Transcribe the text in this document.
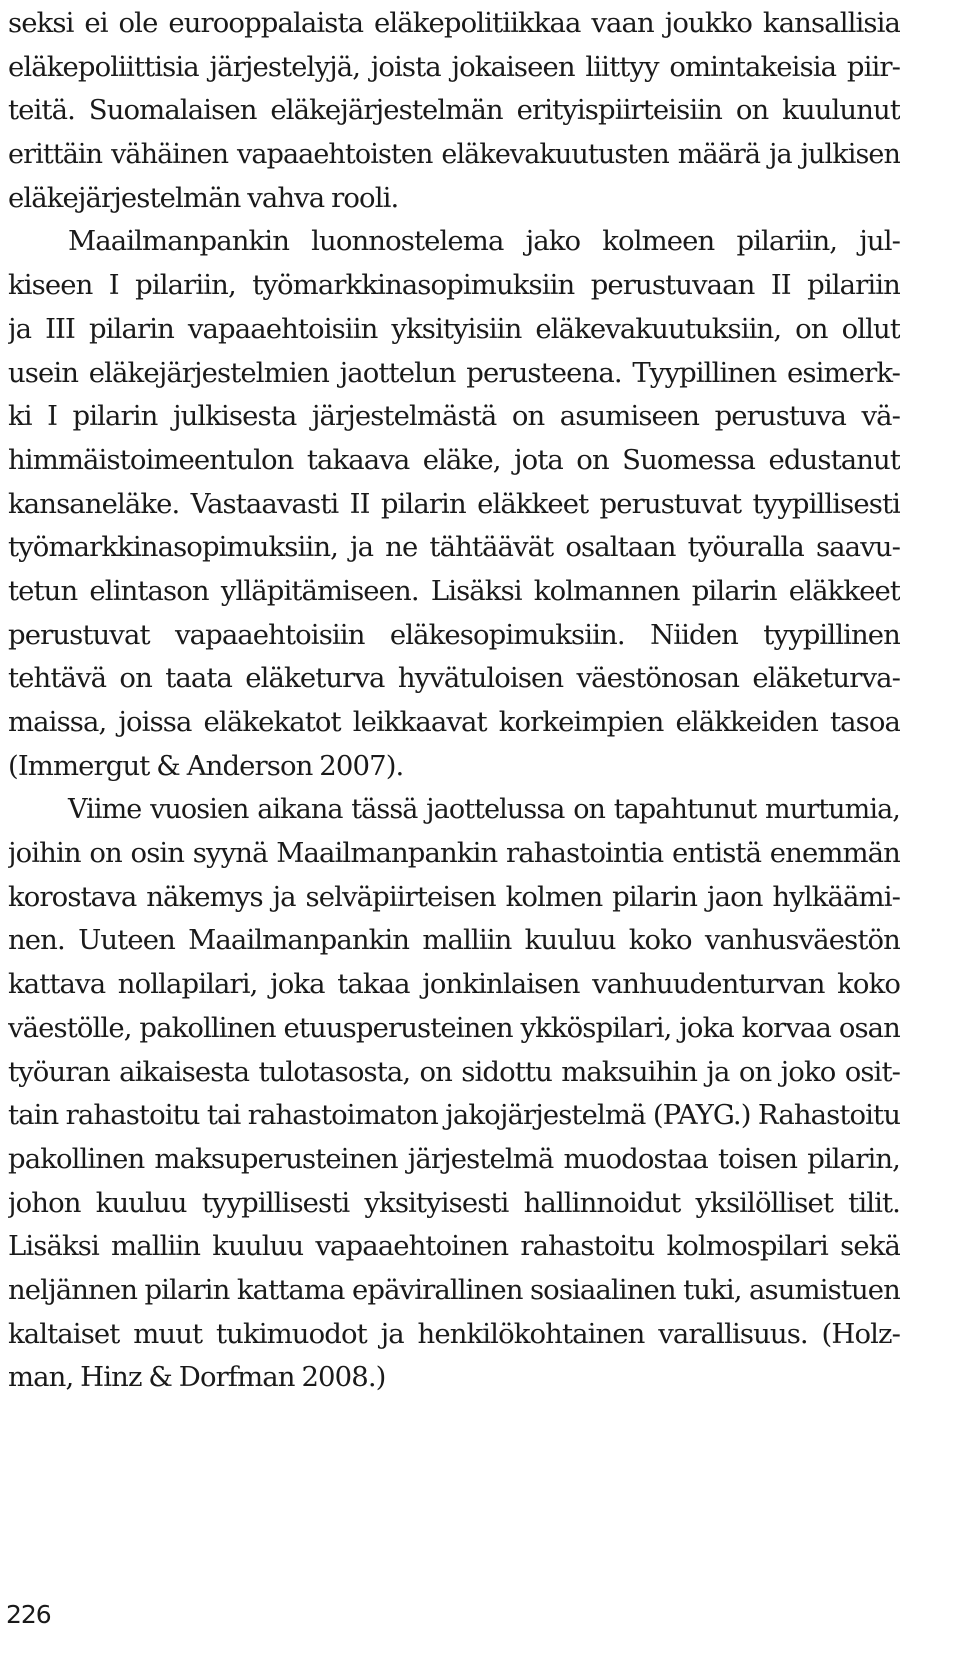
seksi ei ole eurooppalaista eläkepolitiikkaa vaan joukko kansallisia
eläkepoliittisia järjestelyjä, joista jokaiseen liittyy omintakeisia piir-
teitä. Suomalaisen eläkejärjestelmän erityispiirteisiin on kuulunut
erittäin vähäinen vapaaehtoisten eläkevakuutusten määrä ja julkisen
eläkejärjestelmän vahva rooli.
Maailmanpankin luonnostelema jako kolmeen pilariin, jul-
kiseen I pilariin, työmarkkinasopimuksiin perustuvaan II pilariin
ja III pilarin vapaaehtoisiin yksityisiin eläkevakuutuksiin, on ollut
usein eläkejärjestelmien jaottelun perusteena. Tyypillinen esimerk-
ki I pilarin julkisesta järjestelmästä on asumiseen perustuva vä-
himmäistoimeentulon takaava eläke, jota on Suomessa edustanut
kansaneläke. Vastaavasti II pilarin eläkkeet perustuvat tyypillisesti
työmarkkinasopimuksiin, ja ne tähtäävät osaltaan työuralla saavu-
tetun elintason ylläpitämiseen. Lisäksi kolmannen pilarin eläkkeet
perustuvat vapaaehtoisiin eläkesopimuksiin. Niiden tyypillinen
tehtävä on taata eläketurva hyvätuloisen väestönosan eläketurva-
maissa, joissa eläkekatot leikkaavat korkeimpien eläkkeiden tasoa
(Immergut & Anderson 2007).
Viime vuosien aikana tässä jaottelussa on tapahtunut murtumia,
joihin on osin syynä Maailmanpankin rahastointia entistä enemmän
korostava näkemys ja selväpiirteisen kolmen pilarin jaon hylkäämi-
nen. Uuteen Maailmanpankin malliin kuuluu koko vanhusväestön
kattava nollapilari, joka takaa jonkinlaisen vanhuudenturvan koko
väestölle, pakollinen etuusperusteinen ykköspilari, joka korvaa osan
työuran aikaisesta tulotasosta, on sidottu maksuihin ja on joko osit-
tain rahastoitu tai rahastoimaton jakojärjestelmä (PAYG.) Rahastoitu
pakollinen maksuperusteinen järjestelmä muodostaa toisen pilarin,
johon kuuluu tyypillisesti yksityisesti hallinnoidut yksilölliset tilit.
Lisäksi malliin kuuluu vapaaehtoinen rahastoitu kolmospilari sekä
neljännen pilarin kattama epävirallinen sosiaalinen tuki, asumistuen
kaltaiset muut tukimuodot ja henkilökohtainen varallisuus. (Holz-
man, Hinz & Dorfman 2008.)
226
